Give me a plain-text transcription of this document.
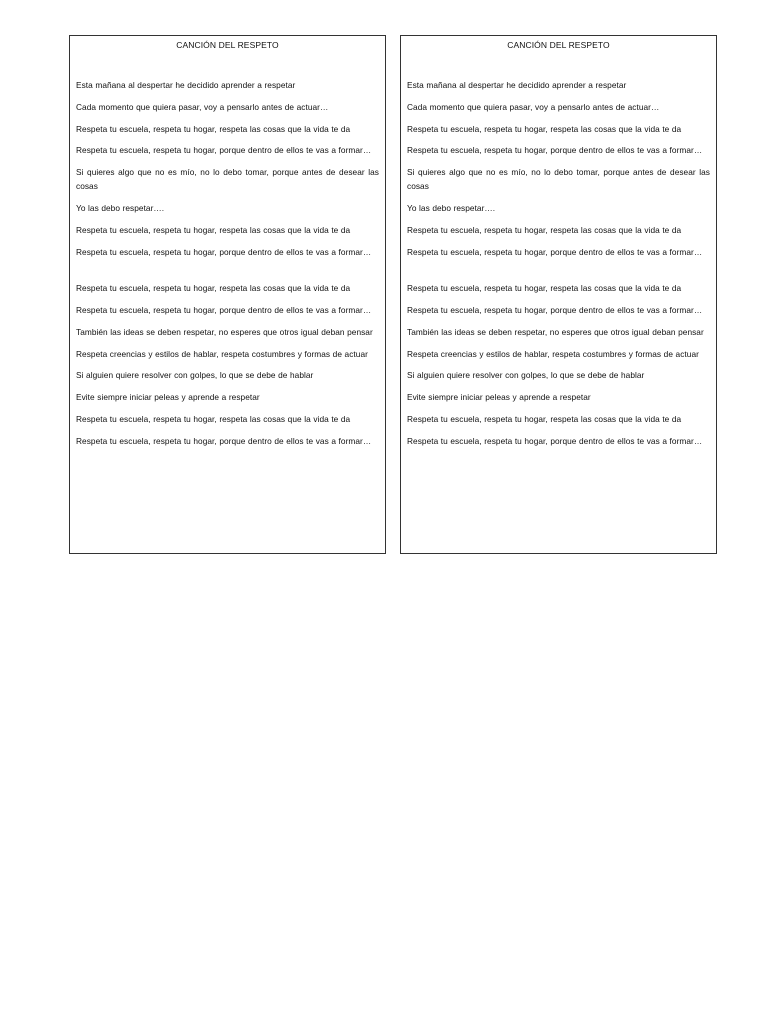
CANCIÓN DEL RESPETO

Esta mañana al despertar he decidido aprender a respetar

Cada momento que quiera pasar, voy a pensarlo antes de actuar…

Respeta tu escuela, respeta tu hogar, respeta las cosas que la vida te da

Respeta tu escuela, respeta tu hogar, porque dentro de ellos te vas a formar…

Si quieres algo que no es mío, no lo debo tomar, porque antes de desear las cosas

Yo las debo respetar….

Respeta tu escuela, respeta tu hogar, respeta las cosas que la vida te da

Respeta tu escuela, respeta tu hogar, porque dentro de ellos te vas a formar…

Respeta tu escuela, respeta tu hogar, respeta las cosas que la vida te da

Respeta tu escuela, respeta tu hogar, porque dentro de ellos te vas a formar…

También las ideas se deben respetar, no esperes que otros igual deban pensar

Respeta creencias y estilos de hablar, respeta costumbres y formas de actuar

Si alguien quiere resolver con golpes, lo que se debe de hablar

Evite siempre iniciar peleas y aprende a respetar

Respeta tu escuela, respeta tu hogar, respeta las cosas que la vida te da

Respeta tu escuela, respeta tu hogar, porque dentro de ellos te vas a formar…

CANCIÓN DEL RESPETO

Esta mañana al despertar he decidido aprender a respetar

Cada momento que quiera pasar, voy a pensarlo antes de actuar…

Respeta tu escuela, respeta tu hogar, respeta las cosas que la vida te da

Respeta tu escuela, respeta tu hogar, porque dentro de ellos te vas a formar…

Si quieres algo que no es mío, no lo debo tomar, porque antes de desear las cosas

Yo las debo respetar….

Respeta tu escuela, respeta tu hogar, respeta las cosas que la vida te da

Respeta tu escuela, respeta tu hogar, porque dentro de ellos te vas a formar…

Respeta tu escuela, respeta tu hogar, respeta las cosas que la vida te da

Respeta tu escuela, respeta tu hogar, porque dentro de ellos te vas a formar…

También las ideas se deben respetar, no esperes que otros igual deban pensar

Respeta creencias y estilos de hablar, respeta costumbres y formas de actuar

Si alguien quiere resolver con golpes, lo que se debe de hablar

Evite siempre iniciar peleas y aprende a respetar

Respeta tu escuela, respeta tu hogar, respeta las cosas que la vida te da

Respeta tu escuela, respeta tu hogar, porque dentro de ellos te vas a formar…
